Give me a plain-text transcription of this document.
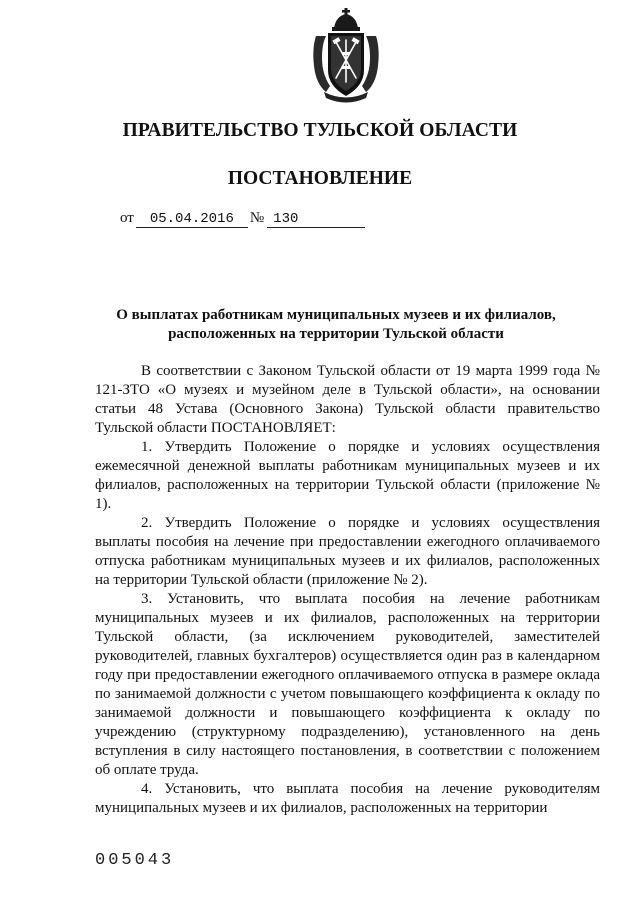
ПРАВИТЕЛЬСТВО ТУЛЬСКОЙ ОБЛАСТИ
ПОСТАНОВЛЕНИЕ
от 05.04.2016 № 130
О выплатах работникам муниципальных музеев и их филиалов,
расположенных на территории Тульской области

В соответствии с Законом Тульской области от 19 марта 1999 года № 121-ЗТО «О музеях и музейном деле в Тульской области», на основании статьи 48 Устава (Основного Закона) Тульской области правительство Тульской области ПОСТАНОВЛЯЕТ:

1. Утвердить Положение о порядке и условиях осуществления ежемесячной денежной выплаты работникам муниципальных музеев и их филиалов, расположенных на территории Тульской области (приложение № 1).

2. Утвердить Положение о порядке и условиях осуществления выплаты пособия на лечение при предоставлении ежегодного оплачиваемого отпуска работникам муниципальных музеев и их филиалов, расположенных на территории Тульской области (приложение № 2).

3. Установить, что выплата пособия на лечение работникам муниципальных музеев и их филиалов, расположенных на территории Тульской области, (за исключением руководителей, заместителей руководителей, главных бухгалтеров) осуществляется один раз в календарном году при предоставлении ежегодного оплачиваемого отпуска в размере оклада по занимаемой должности с учетом повышающего коэффициента к окладу по занимаемой должности и повышающего коэффициента к окладу по учреждению (структурному подразделению), установленного на день вступления в силу настоящего постановления, в соответствии с положением об оплате труда.

4. Установить, что выплата пособия на лечение руководителям муниципальных музеев и их филиалов, расположенных на территории

005043
